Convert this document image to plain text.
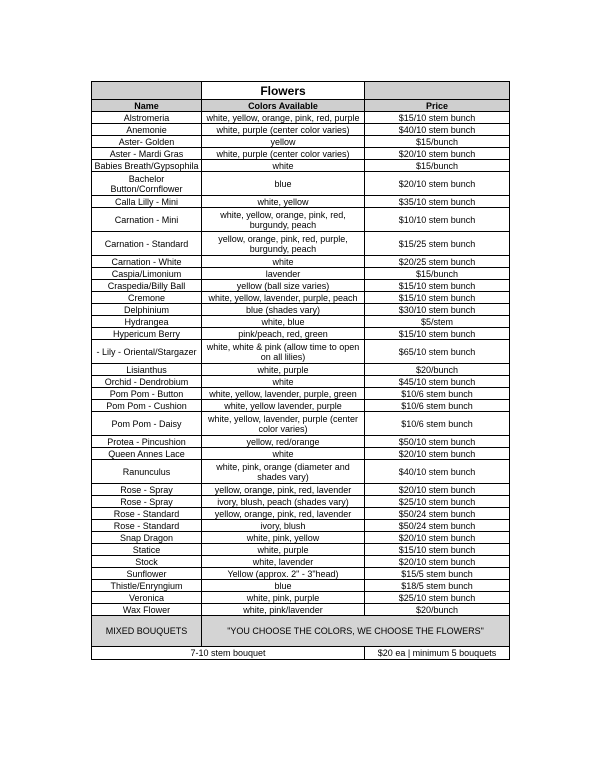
	Flowers	
Name	Colors Available	Price
Alstromeria	white, yellow, orange, pink, red, purple	$15/10 stem bunch
Anemonie	white, purple (center color varies)	$40/10 stem bunch
Aster- Golden	yellow	$15/bunch
Aster - Mardi Gras	white, purple (center color varies)	$20/10 stem bunch
Babies Breath/Gypsophila	white	$15/bunch
Bachelor Button/Cornflower	blue	$20/10 stem bunch
Calla Lilly - Mini	white, yellow	$35/10 stem bunch
Carnation - Mini	white, yellow, orange, pink, red, burgundy, peach	$10/10 stem bunch
Carnation - Standard	yellow, orange, pink, red, purple, burgundy, peach	$15/25 stem bunch
Carnation - White	white	$20/25 stem bunch
Caspia/Limonium	lavender	$15/bunch
Craspedia/Billy Ball	yellow (ball size varies)	$15/10 stem bunch
Cremone	white, yellow, lavender, purple, peach	$15/10 stem bunch
Delphinium	blue (shades vary)	$30/10 stem bunch
Hydrangea	white, blue	$5/stem
Hypericum Berry	pink/peach, red, green	$15/10 stem bunch
- Lily - Oriental/Stargazer	white, white & pink (allow time to open on all lilies)	$65/10 stem bunch
Lisianthus	white, purple	$20/bunch
Orchid - Dendrobium	white	$45/10 stem bunch
Pom Pom - Button	white, yellow, lavender, purple, green	$10/6 stem bunch
Pom Pom - Cushion	white, yellow lavender, purple	$10/6 stem bunch
Pom Pom - Daisy	white, yellow, lavender, purple (center color varies)	$10/6 stem bunch
Protea - Pincushion	yellow, red/orange	$50/10 stem bunch
Queen Annes Lace	white	$20/10 stem bunch
Ranunculus	white, pink, orange (diameter and shades vary)	$40/10 stem bunch
Rose - Spray	yellow, orange, pink, red, lavender	$20/10 stem bunch
Rose - Spray	ivory, blush, peach (shades vary)	$25/10 stem bunch
Rose - Standard	yellow, orange, pink, red, lavender	$50/24 stem bunch
Rose - Standard	ivory, blush	$50/24 stem bunch
Snap Dragon	white, pink, yellow	$20/10 stem bunch
Statice	white, purple	$15/10 stem bunch
Stock	white, lavender	$20/10 stem bunch
Sunflower	Yellow (approx. 2" - 3"head)	$15/5 stem bunch
Thistle/Enryngium	blue	$18/5 stem bunch
Veronica	white, pink, purple	$25/10 stem bunch
Wax Flower	white, pink/lavender	$20/bunch
MIXED BOUQUETS	"YOU CHOOSE THE COLORS, WE CHOOSE THE FLOWERS"	
7-10 stem bouquet		$20 ea | minimum 5 bouquets
